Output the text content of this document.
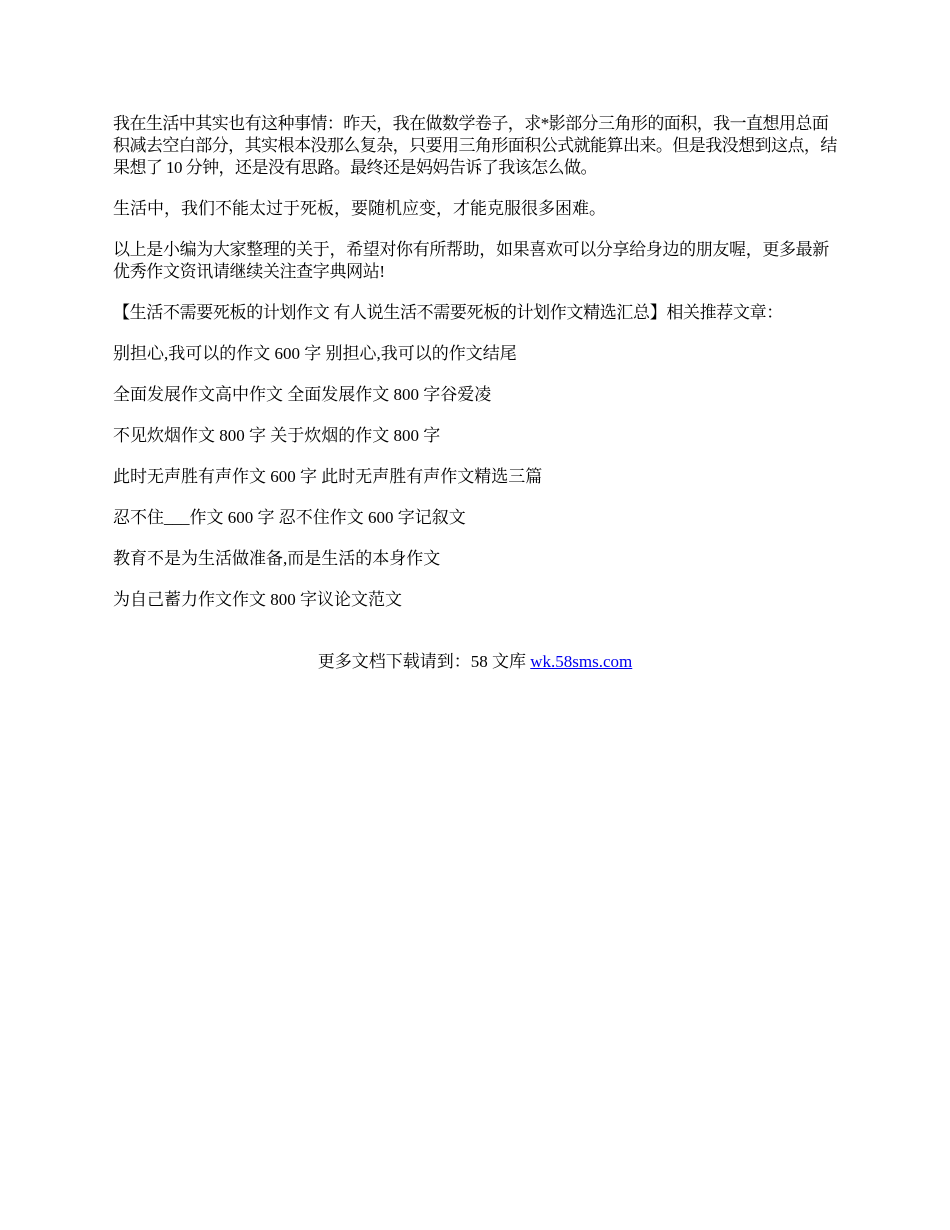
我在生活中其实也有这种事情：昨天，我在做数学卷子，求*影部分三角形的面积，我一直想用总面积减去空白部分，其实根本没那么复杂，只要用三角形面积公式就能算出来。但是我没想到这点，结果想了 10 分钟，还是没有思路。最终还是妈妈告诉了我该怎么做。

生活中，我们不能太过于死板，要随机应变，才能克服很多困难。

以上是小编为大家整理的关于，希望对你有所帮助，如果喜欢可以分享给身边的朋友喔，更多最新优秀作文资讯请继续关注查字典网站!

【生活不需要死板的计划作文 有人说生活不需要死板的计划作文精选汇总】相关推荐文章：

别担心,我可以的作文 600 字 别担心,我可以的作文结尾

全面发展作文高中作文 全面发展作文 800 字谷爱凌

不见炊烟作文 800 字 关于炊烟的作文 800 字

此时无声胜有声作文 600 字 此时无声胜有声作文精选三篇

忍不住___作文 600 字 忍不住作文 600 字记叙文

教育不是为生活做准备,而是生活的本身作文

为自己蓄力作文作文 800 字议论文范文

更多文档下载请到：58 文库 wk.58sms.com
